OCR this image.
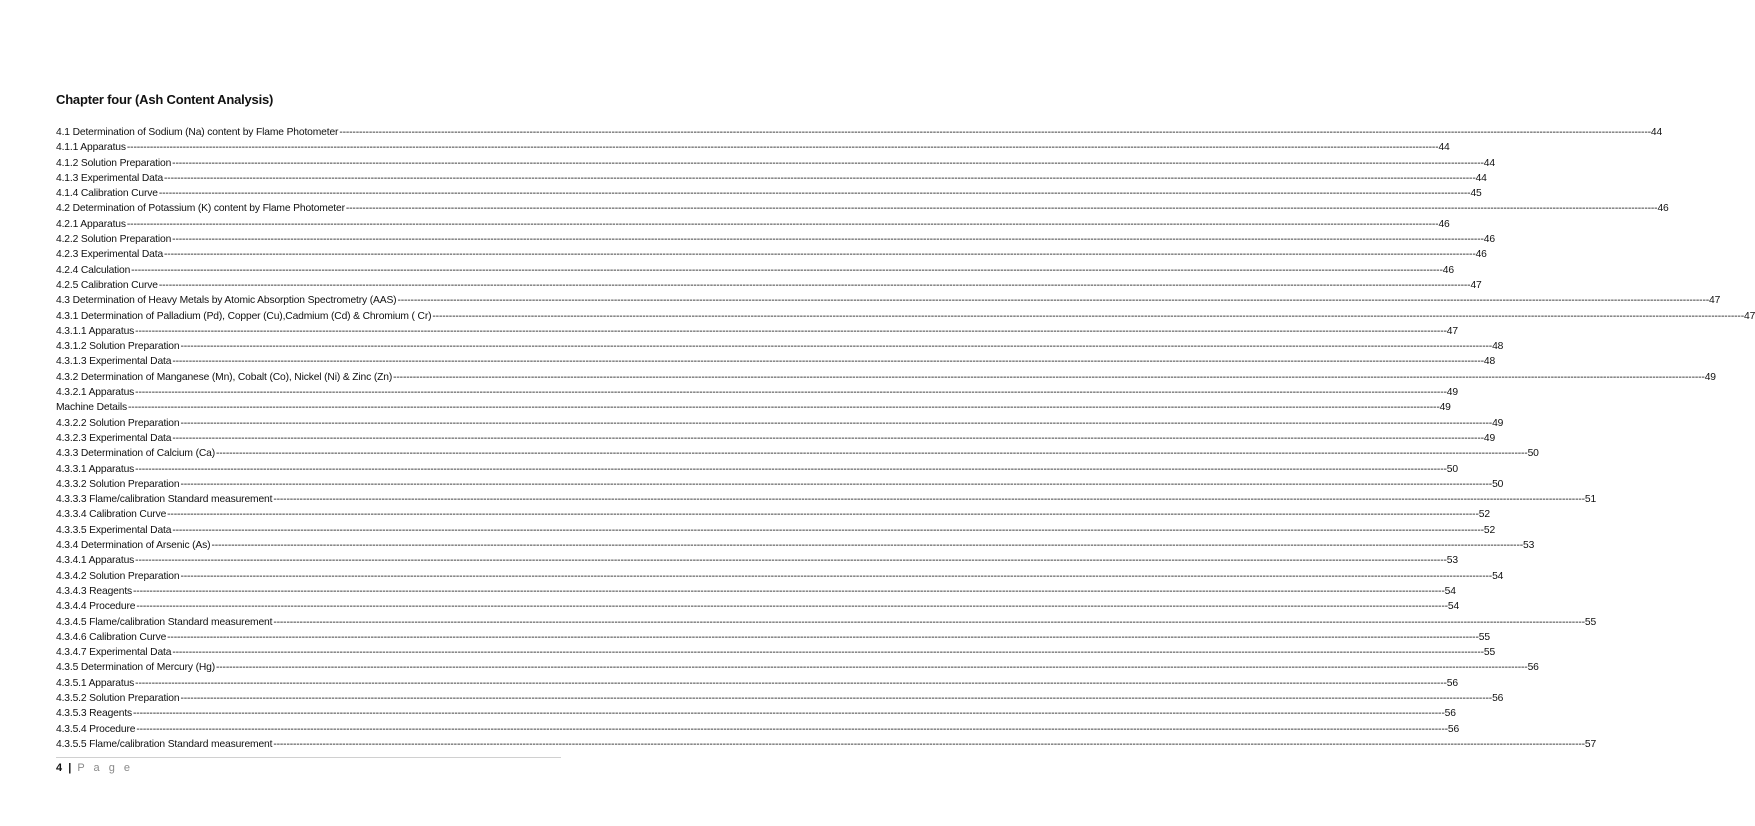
Chapter four (Ash Content Analysis)
4.1 Determination of Sodium (Na) content by Flame Photometer ---------------------------------------------------------------------------------------------------------------------------------------------------------------------------------------------------------------------------------------------------------------------------------------------------------------------------------------------------------------------------------------------------------------- 44
4.1.1 Apparatus ---------------------------------------------------------------------------------------------------------------------------------------------------------------------------------------------------------------------------------------------------------------------------------------------------------------------------------------------------------------------------------------------------------------- 44
4.1.2 Solution Preparation ---------------------------------------------------------------------------------------------------------------------------------------------------------------------------------------------------------------------------------------------------------------------------------------------------------------------------------------------------------------------------------------------------------------- 44
4.1.3 Experimental Data ---------------------------------------------------------------------------------------------------------------------------------------------------------------------------------------------------------------------------------------------------------------------------------------------------------------------------------------------------------------------------------------------------------------- 44
4.1.4 Calibration Curve ---------------------------------------------------------------------------------------------------------------------------------------------------------------------------------------------------------------------------------------------------------------------------------------------------------------------------------------------------------------------------------------------------------------- 45
4.2 Determination of Potassium (K) content by Flame Photometer ---------------------------------------------------------------------------------------------------------------------------------------------------------------------------------------------------------------------------------------------------------------------------------------------------------------------------------------------------------------------------------------------------------------- 46
4.2.1 Apparatus ---------------------------------------------------------------------------------------------------------------------------------------------------------------------------------------------------------------------------------------------------------------------------------------------------------------------------------------------------------------------------------------------------------------- 46
4.2.2 Solution Preparation ---------------------------------------------------------------------------------------------------------------------------------------------------------------------------------------------------------------------------------------------------------------------------------------------------------------------------------------------------------------------------------------------------------------- 46
4.2.3 Experimental Data ---------------------------------------------------------------------------------------------------------------------------------------------------------------------------------------------------------------------------------------------------------------------------------------------------------------------------------------------------------------------------------------------------------------- 46
4.2.4 Calculation ---------------------------------------------------------------------------------------------------------------------------------------------------------------------------------------------------------------------------------------------------------------------------------------------------------------------------------------------------------------------------------------------------------------- 46
4.2.5 Calibration Curve ---------------------------------------------------------------------------------------------------------------------------------------------------------------------------------------------------------------------------------------------------------------------------------------------------------------------------------------------------------------------------------------------------------------- 47
4.3 Determination of Heavy Metals by Atomic Absorption Spectrometry (AAS) ---------------------------------------------------------------------------------------------------------------------------------------------------------------------------------------------------------------------------------------------------------------------------------------------------------------------------------------------------------------------------------------------------------------- 47
4.3.1 Determination of Palladium (Pd), Copper (Cu),Cadmium (Cd) & Chromium ( Cr) ---------------------------------------------------------------------------------------------------------------------------------------------------------------------------------------------------------------------------------------------------------------------------------------------------------------------------------------------------------------------------------------------------------------- 47
4.3.1.1 Apparatus ---------------------------------------------------------------------------------------------------------------------------------------------------------------------------------------------------------------------------------------------------------------------------------------------------------------------------------------------------------------------------------------------------------------- 47
4.3.1.2 Solution Preparation ---------------------------------------------------------------------------------------------------------------------------------------------------------------------------------------------------------------------------------------------------------------------------------------------------------------------------------------------------------------------------------------------------------------- 48
4.3.1.3 Experimental Data ---------------------------------------------------------------------------------------------------------------------------------------------------------------------------------------------------------------------------------------------------------------------------------------------------------------------------------------------------------------------------------------------------------------- 48
4.3.2 Determination of Manganese (Mn), Cobalt (Co), Nickel (Ni) & Zinc (Zn) ---------------------------------------------------------------------------------------------------------------------------------------------------------------------------------------------------------------------------------------------------------------------------------------------------------------------------------------------------------------------------------------------------------------- 49
4.3.2.1 Apparatus ---------------------------------------------------------------------------------------------------------------------------------------------------------------------------------------------------------------------------------------------------------------------------------------------------------------------------------------------------------------------------------------------------------------- 49
Machine Details ---------------------------------------------------------------------------------------------------------------------------------------------------------------------------------------------------------------------------------------------------------------------------------------------------------------------------------------------------------------------------------------------------------------- 49
4.3.2.2 Solution Preparation ---------------------------------------------------------------------------------------------------------------------------------------------------------------------------------------------------------------------------------------------------------------------------------------------------------------------------------------------------------------------------------------------------------------- 49
4.3.2.3 Experimental Data ---------------------------------------------------------------------------------------------------------------------------------------------------------------------------------------------------------------------------------------------------------------------------------------------------------------------------------------------------------------------------------------------------------------- 49
4.3.3 Determination of Calcium (Ca) ---------------------------------------------------------------------------------------------------------------------------------------------------------------------------------------------------------------------------------------------------------------------------------------------------------------------------------------------------------------------------------------------------------------- 50
4.3.3.1 Apparatus ---------------------------------------------------------------------------------------------------------------------------------------------------------------------------------------------------------------------------------------------------------------------------------------------------------------------------------------------------------------------------------------------------------------- 50
4.3.3.2 Solution Preparation ---------------------------------------------------------------------------------------------------------------------------------------------------------------------------------------------------------------------------------------------------------------------------------------------------------------------------------------------------------------------------------------------------------------- 50
4.3.3.3 Flame/calibration Standard measurement ---------------------------------------------------------------------------------------------------------------------------------------------------------------------------------------------------------------------------------------------------------------------------------------------------------------------------------------------------------------------------------------------------------------- 51
4.3.3.4 Calibration Curve ---------------------------------------------------------------------------------------------------------------------------------------------------------------------------------------------------------------------------------------------------------------------------------------------------------------------------------------------------------------------------------------------------------------- 52
4.3.3.5 Experimental Data ---------------------------------------------------------------------------------------------------------------------------------------------------------------------------------------------------------------------------------------------------------------------------------------------------------------------------------------------------------------------------------------------------------------- 52
4.3.4 Determination of Arsenic (As) ---------------------------------------------------------------------------------------------------------------------------------------------------------------------------------------------------------------------------------------------------------------------------------------------------------------------------------------------------------------------------------------------------------------- 53
4.3.4.1 Apparatus ---------------------------------------------------------------------------------------------------------------------------------------------------------------------------------------------------------------------------------------------------------------------------------------------------------------------------------------------------------------------------------------------------------------- 53
4.3.4.2 Solution Preparation ---------------------------------------------------------------------------------------------------------------------------------------------------------------------------------------------------------------------------------------------------------------------------------------------------------------------------------------------------------------------------------------------------------------- 54
4.3.4.3 Reagents ---------------------------------------------------------------------------------------------------------------------------------------------------------------------------------------------------------------------------------------------------------------------------------------------------------------------------------------------------------------------------------------------------------------- 54
4.3.4.4 Procedure ---------------------------------------------------------------------------------------------------------------------------------------------------------------------------------------------------------------------------------------------------------------------------------------------------------------------------------------------------------------------------------------------------------------- 54
4.3.4.5 Flame/calibration Standard measurement ---------------------------------------------------------------------------------------------------------------------------------------------------------------------------------------------------------------------------------------------------------------------------------------------------------------------------------------------------------------------------------------------------------------- 55
4.3.4.6 Calibration Curve ---------------------------------------------------------------------------------------------------------------------------------------------------------------------------------------------------------------------------------------------------------------------------------------------------------------------------------------------------------------------------------------------------------------- 55
4.3.4.7 Experimental Data ---------------------------------------------------------------------------------------------------------------------------------------------------------------------------------------------------------------------------------------------------------------------------------------------------------------------------------------------------------------------------------------------------------------- 55
4.3.5 Determination of Mercury (Hg) ---------------------------------------------------------------------------------------------------------------------------------------------------------------------------------------------------------------------------------------------------------------------------------------------------------------------------------------------------------------------------------------------------------------- 56
4.3.5.1 Apparatus ---------------------------------------------------------------------------------------------------------------------------------------------------------------------------------------------------------------------------------------------------------------------------------------------------------------------------------------------------------------------------------------------------------------- 56
4.3.5.2 Solution Preparation ---------------------------------------------------------------------------------------------------------------------------------------------------------------------------------------------------------------------------------------------------------------------------------------------------------------------------------------------------------------------------------------------------------------- 56
4.3.5.3 Reagents ---------------------------------------------------------------------------------------------------------------------------------------------------------------------------------------------------------------------------------------------------------------------------------------------------------------------------------------------------------------------------------------------------------------- 56
4.3.5.4 Procedure ---------------------------------------------------------------------------------------------------------------------------------------------------------------------------------------------------------------------------------------------------------------------------------------------------------------------------------------------------------------------------------------------------------------- 56
4.3.5.5 Flame/calibration Standard measurement ---------------------------------------------------------------------------------------------------------------------------------------------------------------------------------------------------------------------------------------------------------------------------------------------------------------------------------------------------------------------------------------------------------------- 57
4 | P a g e
